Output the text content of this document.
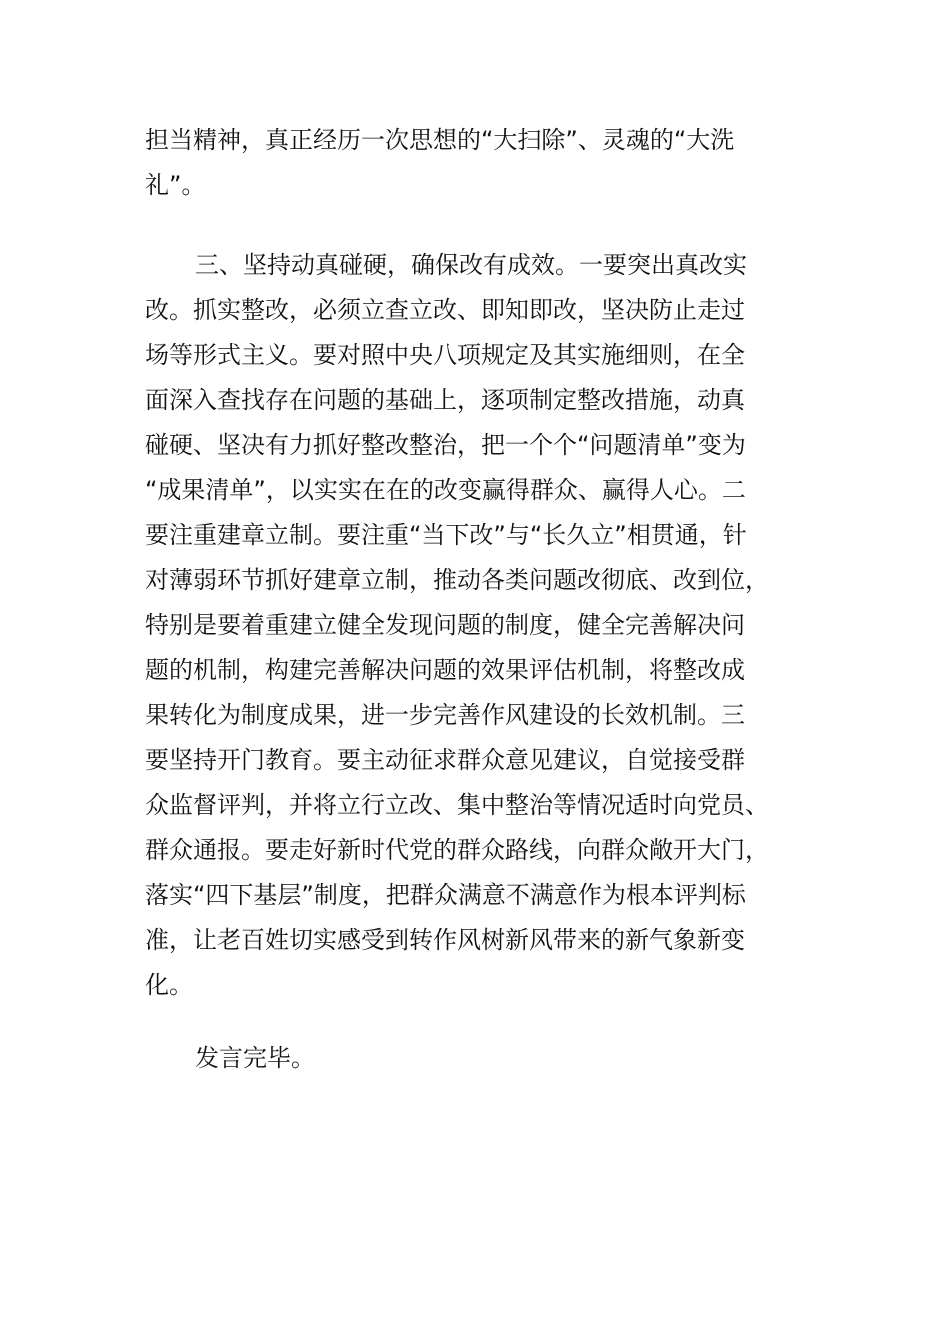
担当精神，真正经历一次思想的“大扫除”、灵魂的“大洗
礼”。
三、坚持动真碰硬，确保改有成效。一要突出真改实
改。抓实整改，必须立查立改、即知即改，坚决防止走过
场等形式主义。要对照中央八项规定及其实施细则，在全
面深入查找存在问题的基础上，逐项制定整改措施，动真
碰硬、坚决有力抓好整改整治，把一个个“问题清单”变为
“成果清单”，以实实在在的改变赢得群众、赢得人心。二
要注重建章立制。要注重“当下改”与“长久立”相贯通，针
对薄弱环节抓好建章立制，推动各类问题改彻底、改到位，
特别是要着重建立健全发现问题的制度，健全完善解决问
题的机制，构建完善解决问题的效果评估机制，将整改成
果转化为制度成果，进一步完善作风建设的长效机制。三
要坚持开门教育。要主动征求群众意见建议，自觉接受群
众监督评判，并将立行立改、集中整治等情况适时向党员、
群众通报。要走好新时代党的群众路线，向群众敞开大门，
落实“四下基层”制度，把群众满意不满意作为根本评判标
准，让老百姓切实感受到转作风树新风带来的新气象新变
化。
发言完毕。
